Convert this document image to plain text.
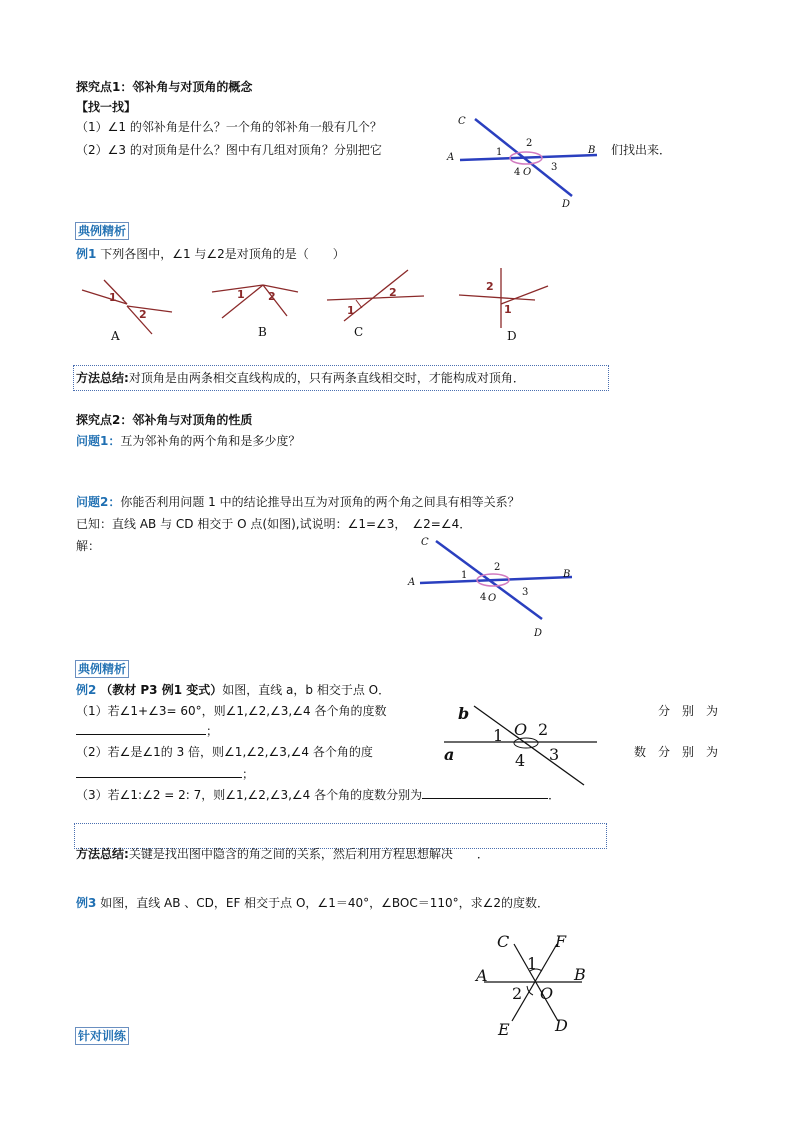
探究点1：邻补角与对顶角的概念
【找一找】
（1）∠1 的邻补角是什么？一个角的邻补角一般有几个？
（2）∠3 的对顶角是什么？图中有几组对顶角？分别把它	们找出来．
C
A
B
D
O
1
2
3
4
典例精析
例1 下列各图中，∠1 与∠2是对顶角的是（　　）
1
2
A
1 2
B
1
2
C
2
1
D
方法总结:对顶角是由两条相交直线构成的，只有两条直线相交时，才能构成对顶角．
探究点2：邻补角与对顶角的性质
问题1：互为邻补角的两个角和是多少度？
问题2：你能否利用问题 1 中的结论推导出互为对顶角的两个角之间具有相等关系？
已知：直线 AB 与 CD 相交于 O 点(如图),试说明：∠1=∠3，　∠2=∠4．
解：	C
A
B
D
O
1
2
3
4
典例精析
例2 （教材 P3 例1 变式）如图，直线 a，b 相交于点 O．
（1）若∠1+∠3= 60°，则∠1,∠2,∠3,∠4 各个角的度数	分　别　为
；
（2）若∠是∠1的 3 倍，则∠1,∠2,∠3,∠4 各个角的度	数　分　别　为
；
（3）若∠1:∠2 = 2: 7，则∠1,∠2,∠3,∠4 各个角的度数分别为	．
b
a
O
1 2
3
4
方法总结:关键是找出图中隐含的角之间的关系，然后利用方程思想解决　　．
例3 如图，直线 AB 、CD，EF 相交于点 O，∠1＝40°，∠BOC＝110°，求∠2的度数．
C	F
A	B
O
E	D
1
2
针对训练
